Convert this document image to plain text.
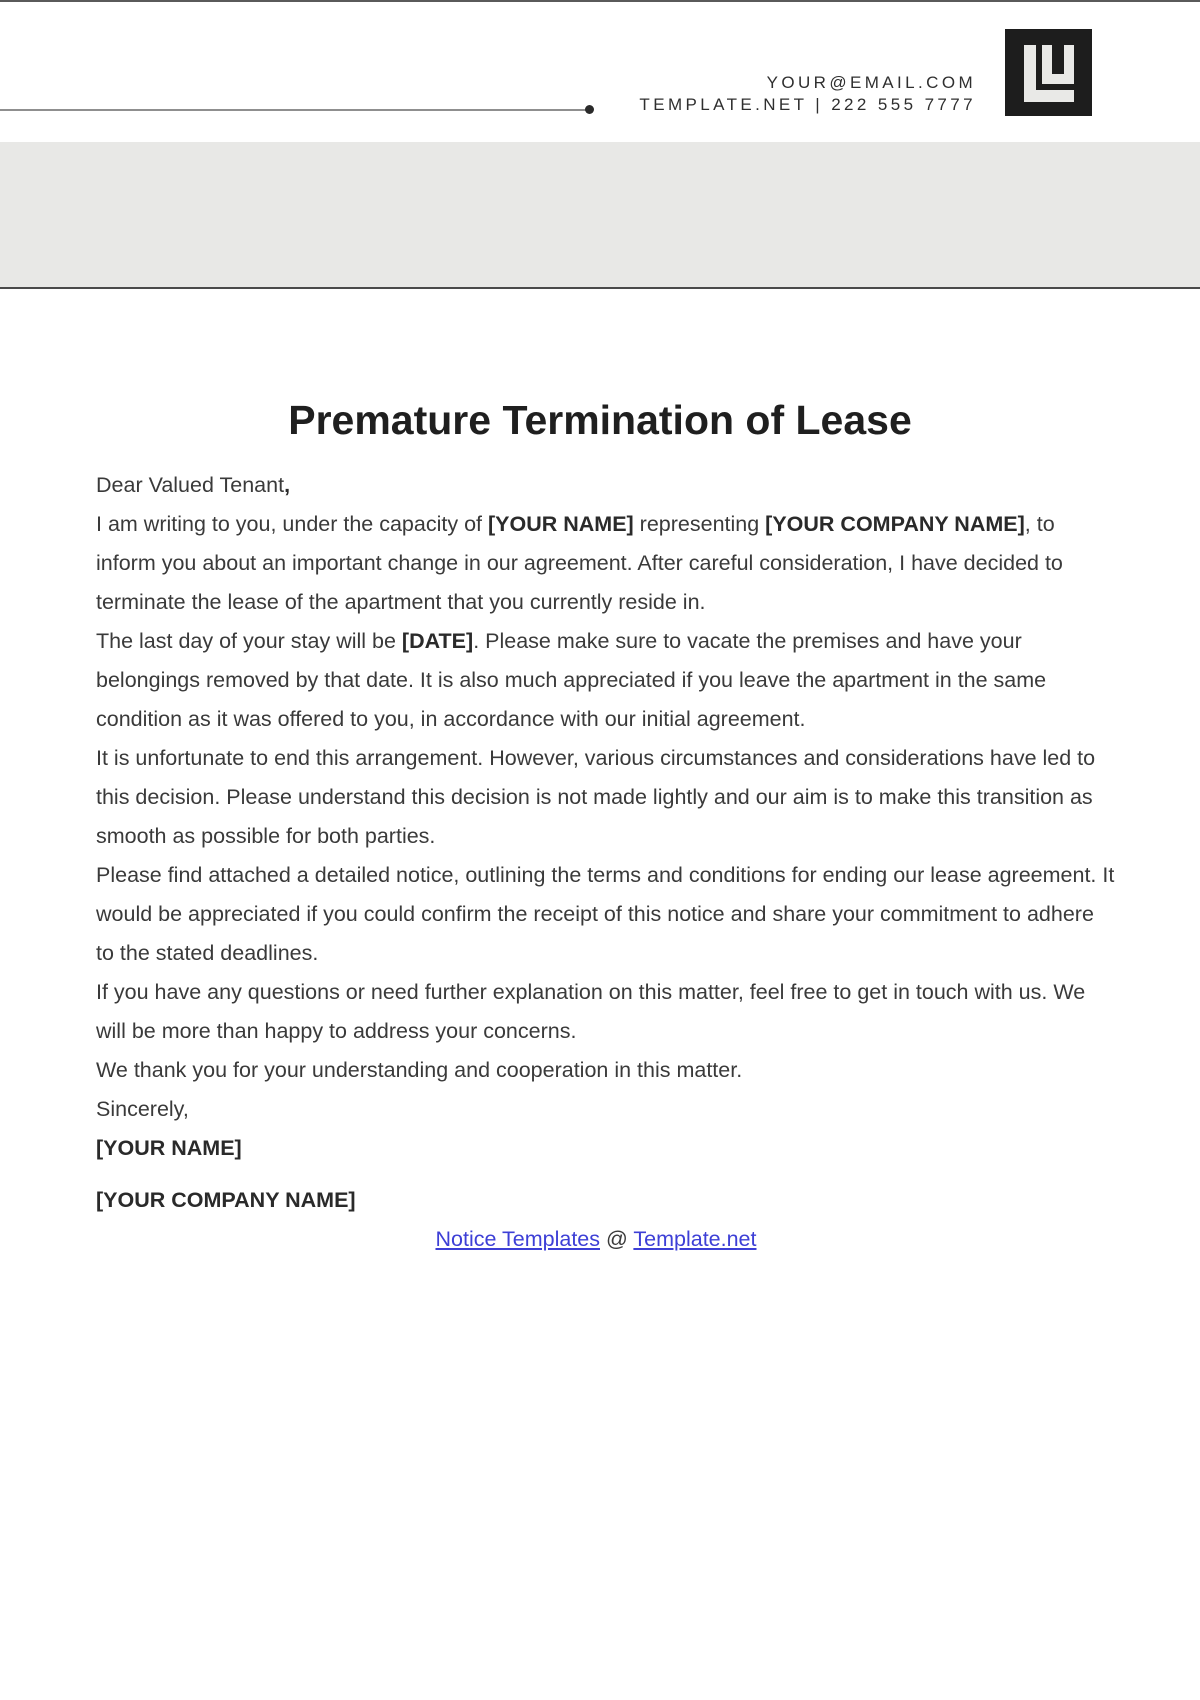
YOUR@EMAIL.COM
TEMPLATE.NET | 222 555 7777
Premature Termination of Lease

Dear Valued Tenant,

I am writing to you, under the capacity of [YOUR NAME] representing [YOUR COMPANY NAME], to inform you about an important change in our agreement. After careful consideration, I have decided to terminate the lease of the apartment that you currently reside in.

The last day of your stay will be [DATE]. Please make sure to vacate the premises and have your belongings removed by that date. It is also much appreciated if you leave the apartment in the same condition as it was offered to you, in accordance with our initial agreement.

It is unfortunate to end this arrangement. However, various circumstances and considerations have led to this decision. Please understand this decision is not made lightly and our aim is to make this transition as smooth as possible for both parties.

Please find attached a detailed notice, outlining the terms and conditions for ending our lease agreement. It would be appreciated if you could confirm the receipt of this notice and share your commitment to adhere to the stated deadlines.

If you have any questions or need further explanation on this matter, feel free to get in touch with us. We will be more than happy to address your concerns.

We thank you for your understanding and cooperation in this matter.

Sincerely,

[YOUR NAME]

[YOUR COMPANY NAME]

Notice Templates @ Template.net
